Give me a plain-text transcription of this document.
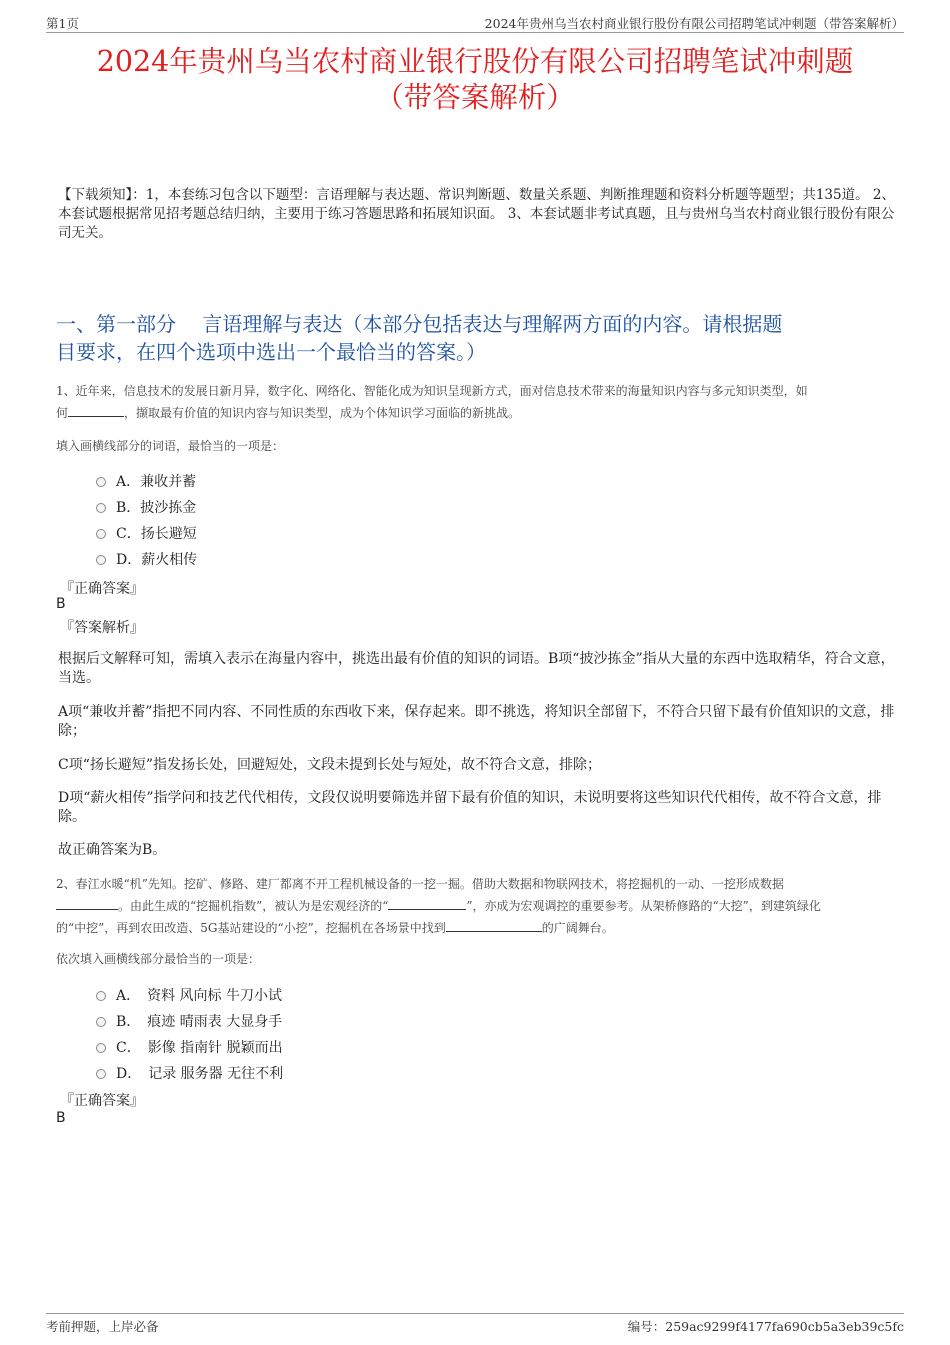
第1页	2024年贵州乌当农村商业银行股份有限公司招聘笔试冲刺题（带答案解析）
2024年贵州乌当农村商业银行股份有限公司招聘笔试冲刺题
（带答案解析）
【下载须知】：1，本套练习包含以下题型：言语理解与表达题、常识判断题、数量关系题、判断推理题和资料分析题等题型；共135道。 2、本套试题根据常见招考题总结归纳，主要用于练习答题思路和拓展知识面。 3、本套试题非考试真题，且与贵州乌当农村商业银行股份有限公司无关。
一、第一部分　 言语理解与表达（本部分包括表达与理解两方面的内容。请根据题
目要求，在四个选项中选出一个最恰当的答案。）
1、近年来，信息技术的发展日新月异，数字化、网络化、智能化成为知识呈现新方式，面对信息技术带来的海量知识内容与多元知识类型，如
何	，撷取最有价值的知识内容与知识类型，成为个体知识学习面临的新挑战。
填入画横线部分的词语，最恰当的一项是：
A．兼收并蓄
B．披沙拣金
C．扬长避短
D．薪火相传
『正确答案』
B
『答案解析』
根据后文解释可知，需填入表示在海量内容中，挑选出最有价值的知识的词语。B项“披沙拣金”指从大量的东西中选取精华，符合文意，当选。
A项“兼收并蓄”指把不同内容、不同性质的东西收下来，保存起来。即不挑选，将知识全部留下，不符合只留下最有价值知识的文意，排除；
C项“扬长避短”指发扬长处，回避短处，文段未提到长处与短处，故不符合文意，排除；
D项“薪火相传”指学问和技艺代代相传，文段仅说明要筛选并留下最有价值的知识，未说明要将这些知识代代相传，故不符合文意，排除。
故正确答案为B。
2、春江水暖“机”先知。挖矿、修路、建厂都离不开工程机械设备的一挖一掘。借助大数据和物联网技术，将挖掘机的一动、一挖形成数据
。由此生成的“挖掘机指数”，被认为是宏观经济的“	”，亦成为宏观调控的重要参考。从架桥修路的“大挖”，到建筑绿化
的“中挖”，再到农田改造、5G基站建设的“小挖”，挖掘机在各场景中找到	的广阔舞台。
依次填入画横线部分最恰当的一项是：
A．　资料 风向标 牛刀小试
B．　痕迹 晴雨表 大显身手
C．　影像 指南针 脱颖而出
D．　记录 服务器 无往不利
『正确答案』
B
考前押题，上岸必备	编号：259ac9299f4177fa690cb5a3eb39c5fc
